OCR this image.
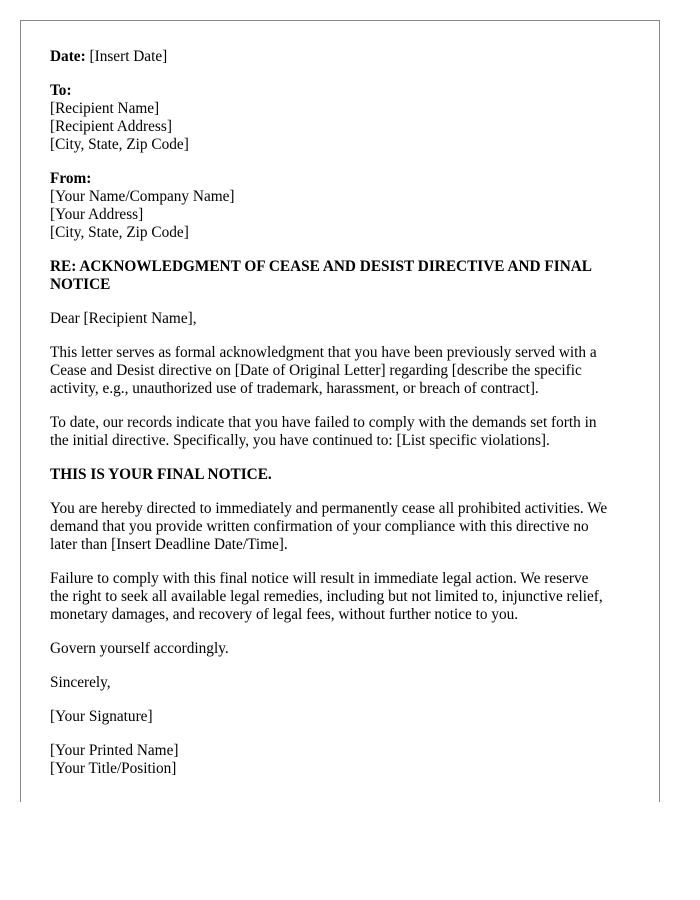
Date: [Insert Date]
To:
[Recipient Name]
[Recipient Address]
[City, State, Zip Code]
From:
[Your Name/Company Name]
[Your Address]
[City, State, Zip Code]
RE: ACKNOWLEDGMENT OF CEASE AND DESIST DIRECTIVE AND FINAL
NOTICE
Dear [Recipient Name],
This letter serves as formal acknowledgment that you have been previously served with a
Cease and Desist directive on [Date of Original Letter] regarding [describe the specific
activity, e.g., unauthorized use of trademark, harassment, or breach of contract].
To date, our records indicate that you have failed to comply with the demands set forth in
the initial directive. Specifically, you have continued to: [List specific violations].
THIS IS YOUR FINAL NOTICE.
You are hereby directed to immediately and permanently cease all prohibited activities. We
demand that you provide written confirmation of your compliance with this directive no
later than [Insert Deadline Date/Time].
Failure to comply with this final notice will result in immediate legal action. We reserve
the right to seek all available legal remedies, including but not limited to, injunctive relief,
monetary damages, and recovery of legal fees, without further notice to you.
Govern yourself accordingly.
Sincerely,
[Your Signature]
[Your Printed Name]
[Your Title/Position]
